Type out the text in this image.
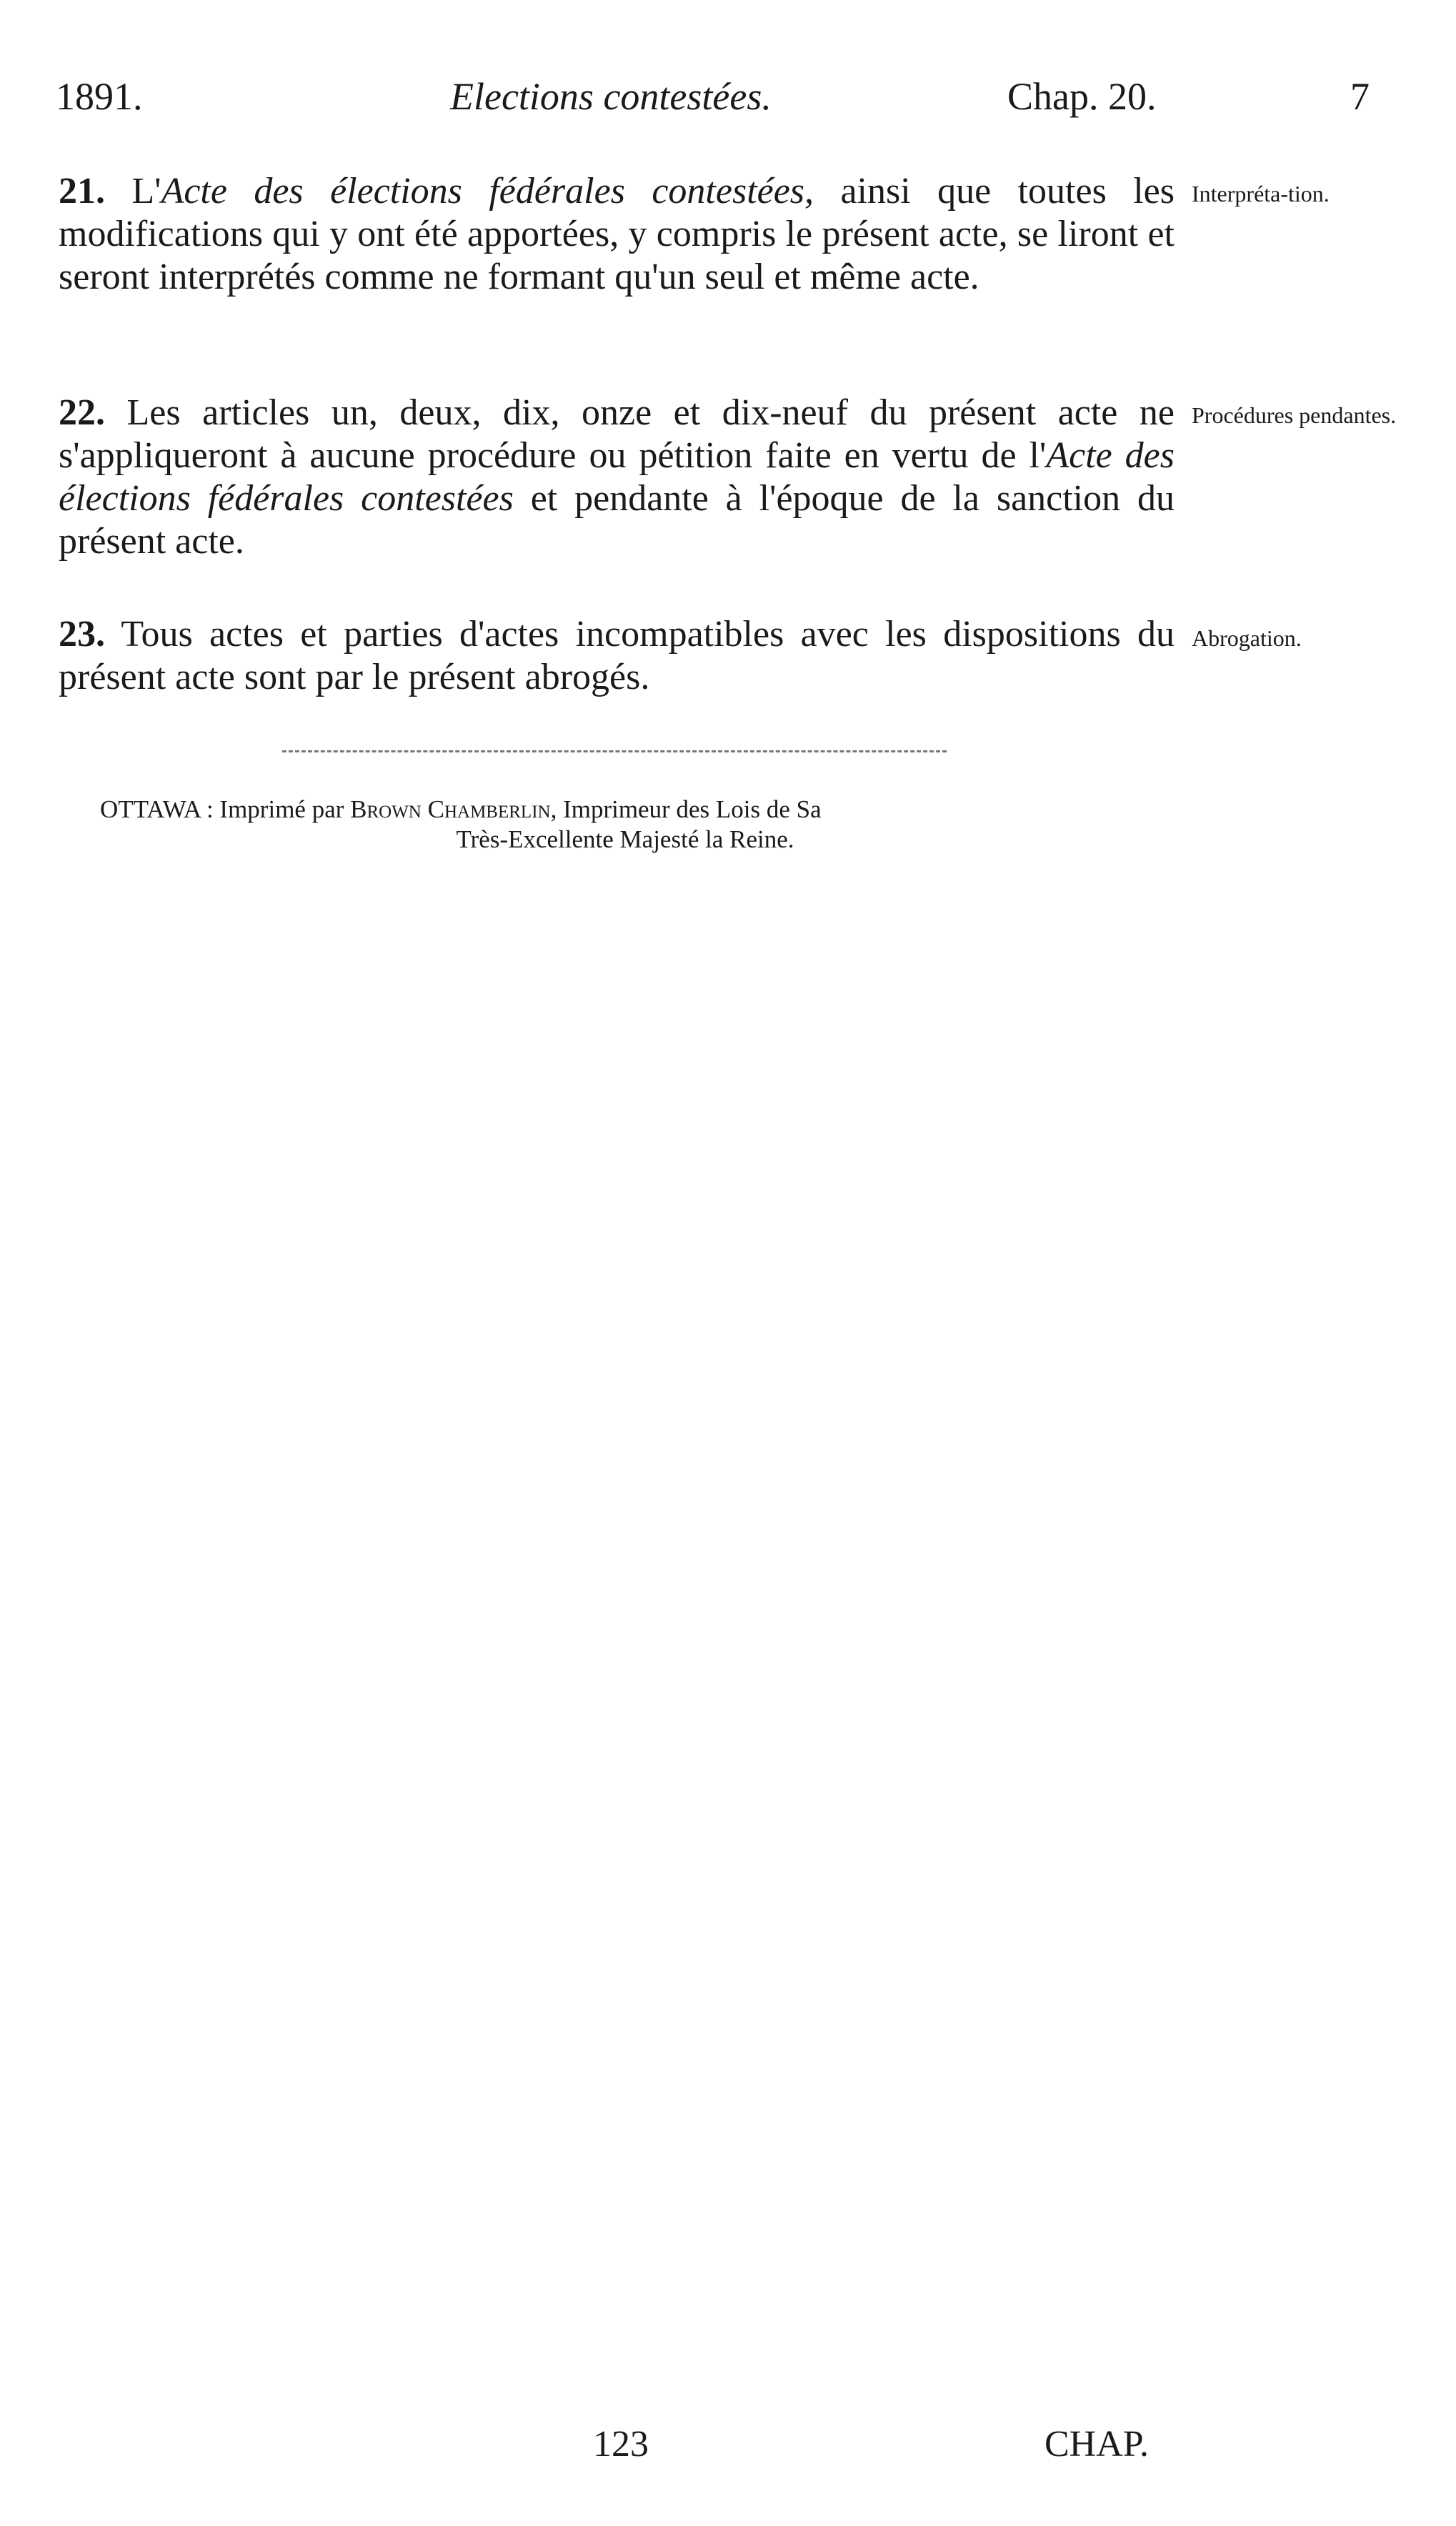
1891.	Elections contestées.	Chap. 20.	7
21. L'Acte des élections fédérales contestées, ainsi que toutes les modifications qui y ont été apportées, y compris le présent acte, se liront et seront interprétés comme ne formant qu'un seul et même acte.
Interpréta-tion.
22. Les articles un, deux, dix, onze et dix-neuf du présent acte ne s'appliqueront à aucune procédure ou pétition faite en vertu de l'Acte des élections fédérales contestées et pendante à l'époque de la sanction du présent acte.
Procédures pendantes.
23. Tous actes et parties d'actes incompatibles avec les dispositions du présent acte sont par le présent abrogés.
Abrogation.
OTTAWA : Imprimé par Brown Chamberlin, Imprimeur des Lois de Sa
Très-Excellente Majesté la Reine.
123	CHAP.
